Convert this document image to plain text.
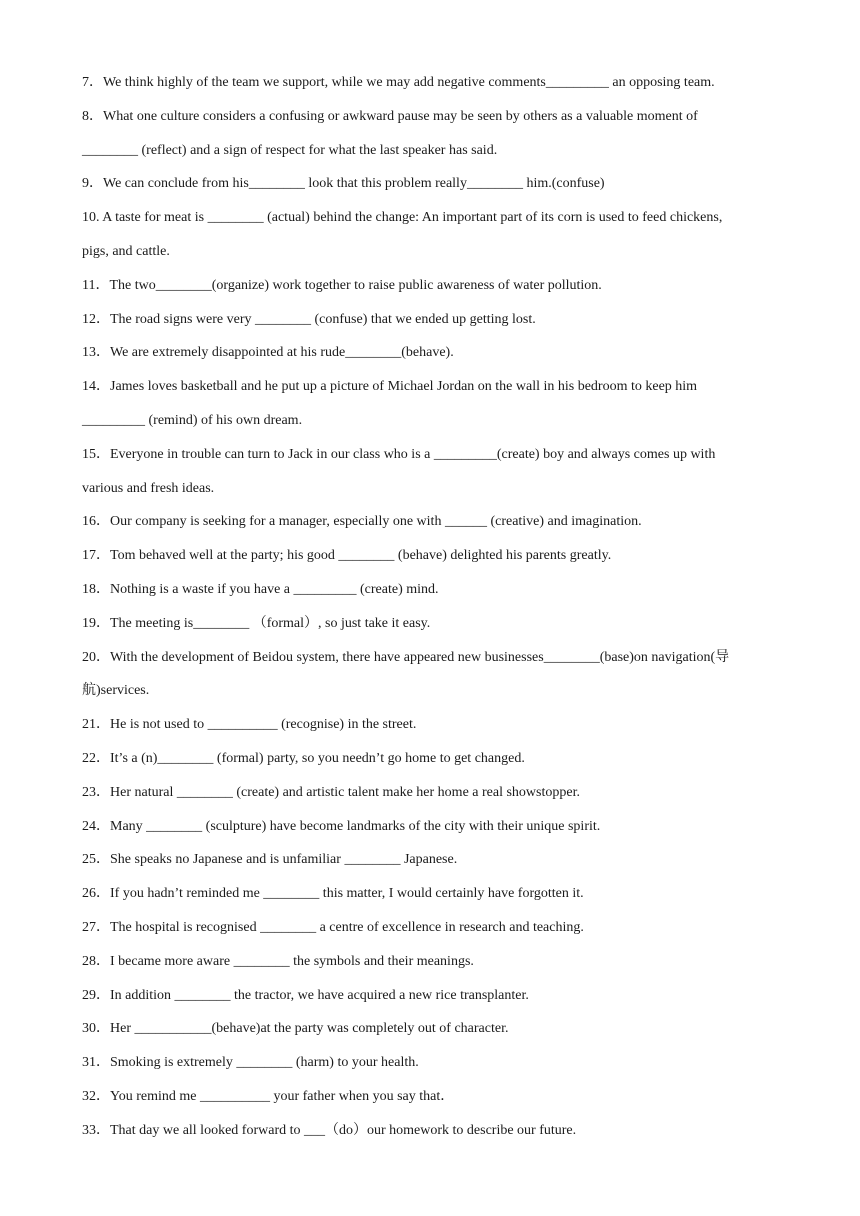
7．We think highly of the team we support, while we may add negative comments_________ an opposing team.
8．What one culture considers a confusing or awkward pause may be seen by others as a valuable moment of
________ (reflect) and a sign of respect for what the last speaker has said.
9．We can conclude from his________ look that this problem really________ him.(confuse)
10. A taste for meat is ________ (actual) behind the change: An important part of its corn is used to feed chickens,
pigs, and cattle.
11．The two________(organize) work together to raise public awareness of water pollution.
12．The road signs were very ________ (confuse) that we ended up getting lost.
13．We are extremely disappointed at his rude________(behave).
14．James loves basketball and he put up a picture of Michael Jordan on the wall in his bedroom to keep him
_________ (remind) of his own dream.
15．Everyone in trouble can turn to Jack in our class who is a _________(create) boy and always comes up with
various and fresh ideas.
16．Our company is seeking for a manager, especially one with ______ (creative) and imagination.
17．Tom behaved well at the party; his good ________ (behave) delighted his parents greatly.
18．Nothing is a waste if you have a _________ (create) mind.
19．The meeting is________ （formal）, so just take it easy.
20．With the development of Beidou system, there have appeared new businesses________(base)on navigation(导
航)services.
21．He is not used to __________ (recognise) in the street.
22．It’s a (n)________ (formal) party, so you needn’t go home to get changed.
23．Her natural ________ (create) and artistic talent make her home a real showstopper.
24．Many ________ (sculpture) have become landmarks of the city with their unique spirit.
25．She speaks no Japanese and is unfamiliar ________ Japanese.
26．If you hadn’t reminded me ________ this matter, I would certainly have forgotten it.
27．The hospital is recognised ________ a centre of excellence in research and teaching.
28．I became more aware ________ the symbols and their meanings.
29．In addition ________ the tractor, we have acquired a new rice transplanter.
30．Her ___________(behave)at the party was completely out of character.
31．Smoking is extremely ________ (harm) to your health.
32．You remind me __________ your father when you say that．
33．That day we all looked forward to ___（do）our homework to describe our future.
